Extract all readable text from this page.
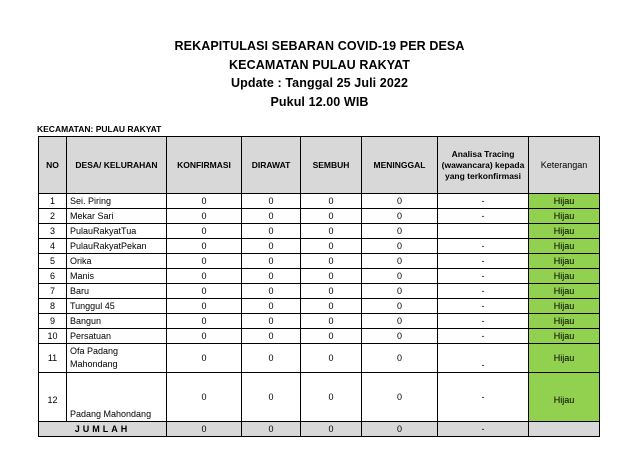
REKAPITULASI SEBARAN COVID-19 PER DESA
KECAMATAN PULAU RAKYAT
Update : Tanggal 25 Juli 2022
Pukul 12.00 WIB
KECAMATAN: PULAU RAKYAT
NO	DESA/ KELURAHAN	KONFIRMASI	DIRAWAT	SEMBUH	MENINGGAL	Analisa Tracing (wawancara) kepada yang terkonfirmasi	Keterangan
1	Sei. Piring	0	0	0	0	-	Hijau
2	Mekar Sari	0	0	0	0	-	Hijau
3	PulauRakyatTua	0	0	0	0		Hijau
4	PulauRakyatPekan	0	0	0	0	-	Hijau
5	Orika	0	0	0	0	-	Hijau
6	Manis	0	0	0	0	-	Hijau
7	Baru	0	0	0	0	-	Hijau
8	Tunggul 45	0	0	0	0	-	Hijau
9	Bangun	0	0	0	0	-	Hijau
10	Persatuan	0	0	0	0	-	Hijau
11	Ofa Padang Mahondang	0	0	0	0	-	Hijau
12	Padang Mahondang	0	0	0	0	-	Hijau
JUMLAH		0	0	0	0	-	
